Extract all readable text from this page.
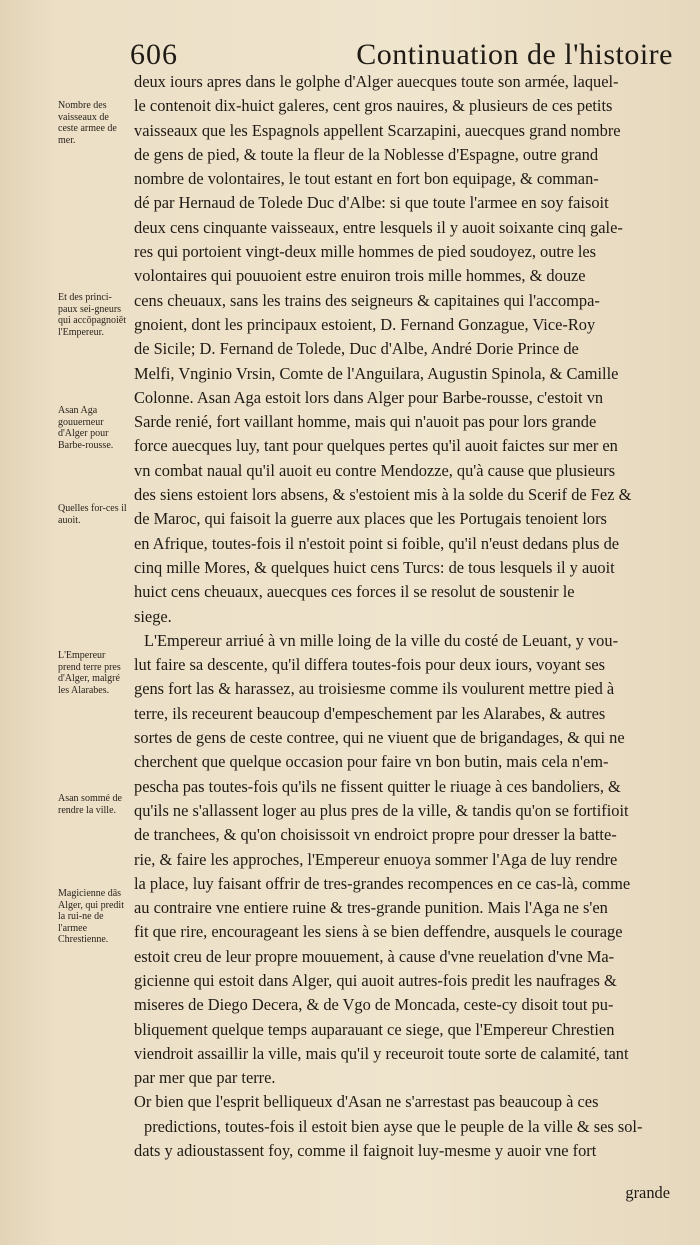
606	Continuation de l'histoire
Nombre des vaisseaux de ceste armee de mer.
Et des princi-paux sei-gneurs qui accōpagnoiēt l'Empereur.
Asan Aga gouuerneur d'Alger pour Barbe-rousse.
Quelles for-ces il auoit.
L'Empereur prend terre pres d'Alger, malgré les Alarabes.
Asan sommé de rendre la ville.
Magicienne dās Alger, qui predit la rui-ne de l'armee Chrestienne.
deux iours apres dans le golphe d'Alger auecques toute son armée, laquel-
le contenoit dix-huict galeres, cent gros nauires, & plusieurs de ces petits
vaisseaux que les Espagnols appellent Scarzapini, auecques grand nombre
de gens de pied, & toute la fleur de la Noblesse d'Espagne, outre grand
nombre de volontaires, le tout estant en fort bon equipage, & comman-
dé par Hernaud de Tolede Duc d'Albe: si que toute l'armee en soy faisoit
deux cens cinquante vaisseaux, entre lesquels il y auoit soixante cinq gale-
res qui portoient vingt-deux mille hommes de pied soudoyez, outre les
volontaires qui pouuoient estre enuiron trois mille hommes, & douze
cens cheuaux, sans les trains des seigneurs & capitaines qui l'accompa-
gnoient, dont les principaux estoient, D. Fernand Gonzague, Vice-Roy
de Sicile; D. Fernand de Tolede, Duc d'Albe, André Dorie Prince de
Melfi, Vnginio Vrsin, Comte de l'Anguilara, Augustin Spinola, & Camille
Colonne. Asan Aga estoit lors dans Alger pour Barbe-rousse, c'estoit vn
Sarde renié, fort vaillant homme, mais qui n'auoit pas pour lors grande
force auecques luy, tant pour quelques pertes qu'il auoit faictes sur mer en
vn combat naual qu'il auoit eu contre Mendozze, qu'à cause que plusieurs
des siens estoient lors absens, & s'estoient mis à la solde du Scerif de Fez &
de Maroc, qui faisoit la guerre aux places que les Portugais tenoient lors
en Afrique, toutes-fois il n'estoit point si foible, qu'il n'eust dedans plus de
cinq mille Mores, & quelques huict cens Turcs: de tous lesquels il y auoit
huict cens cheuaux, auecques ces forces il se resolut de soustenir le
siege.
L'Empereur arriué à vn mille loing de la ville du costé de Leuant, y vou-
lut faire sa descente, qu'il differa toutes-fois pour deux iours, voyant ses
gens fort las & harassez, au troisiesme comme ils voulurent mettre pied à
terre, ils receurent beaucoup d'empeschement par les Alarabes, & autres
sortes de gens de ceste contree, qui ne viuent que de brigandages, & qui ne
cherchent que quelque occasion pour faire vn bon butin, mais cela n'em-
pescha pas toutes-fois qu'ils ne fissent quitter le riuage à ces bandoliers, &
qu'ils ne s'allassent loger au plus pres de la ville, & tandis qu'on se fortifioit
de tranchees, & qu'on choisissoit vn endroict propre pour dresser la batte-
rie, & faire les approches, l'Empereur enuoya sommer l'Aga de luy rendre
la place, luy faisant offrir de tres-grandes recompences en ce cas-là, comme
au contraire vne entiere ruine & tres-grande punition. Mais l'Aga ne s'en
fit que rire, encourageant les siens à se bien deffendre, ausquels le courage
estoit creu de leur propre mouuement, à cause d'vne reuelation d'vne Ma-
gicienne qui estoit dans Alger, qui auoit autres-fois predit les naufrages &
miseres de Diego Decera, & de Vgo de Moncada, ceste-cy disoit tout pu-
bliquement quelque temps auparauant ce siege, que l'Empereur Chrestien
viendroit assaillir la ville, mais qu'il y receuroit toute sorte de calamité, tant
par mer que par terre.
Or bien que l'esprit belliqueux d'Asan ne s'arrestast pas beaucoup à ces
predictions, toutes-fois il estoit bien ayse que le peuple de la ville & ses sol-
dats y adioustassent foy, comme il faignoit luy-mesme y auoir vne fort
grande
